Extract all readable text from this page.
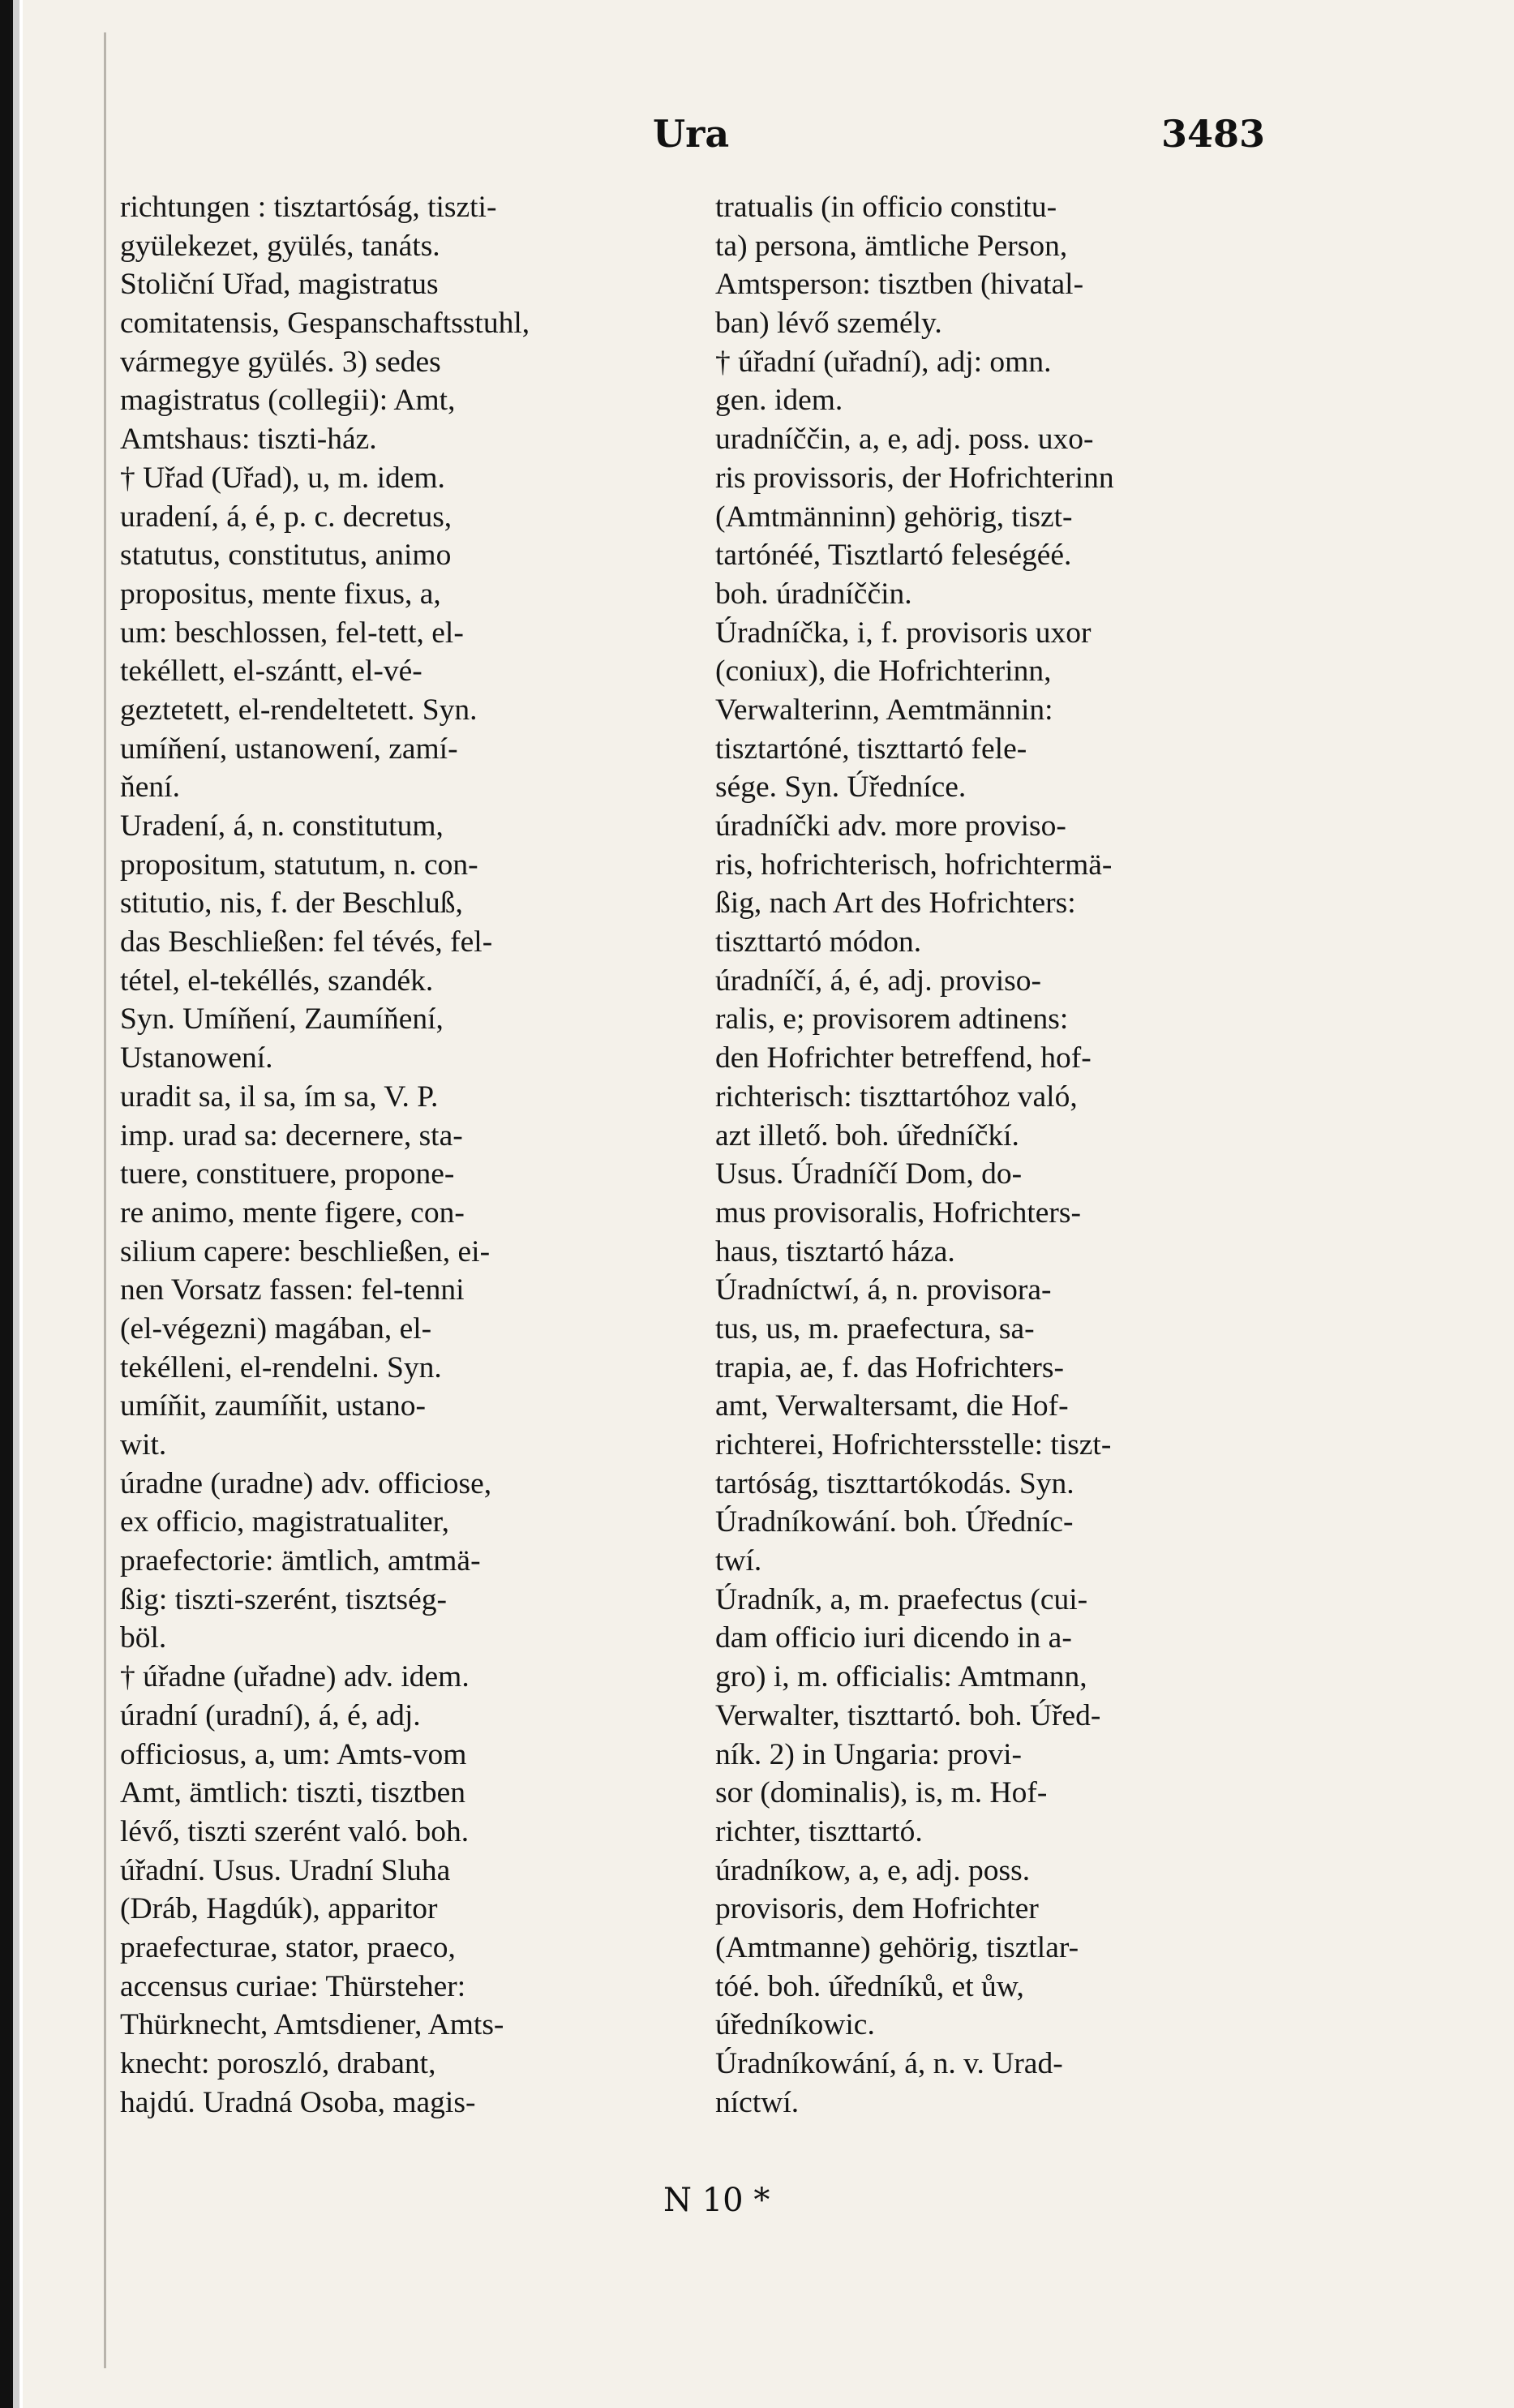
Ura	3483
richtungen : tisztartóság, tiszti-
gyülekezet, gyülés, tanáts.
Stoliční Uřad, magistratus
comitatensis, Gespanschaftsstuhl,
vármegye gyülés. 3) sedes
magistratus (collegii): Amt,
Amtshaus: tiszti-ház.
† Uřad (Uřad), u, m. idem.
uradení, á, é, p. c. decretus,
statutus, constitutus, animo
propositus, mente fixus, a,
um: beschlossen, fel-tett, el-
tekéllett, el-szántt, el-vé-
geztetett, el-rendeltetett. Syn.
umíňení, ustanowení, zamí-
ňení.
Uradení, á, n. constitutum,
propositum, statutum, n. con-
stitutio, nis, f. der Beschluß,
das Beschließen: fel tévés, fel-
tétel, el-tekéllés, szandék.
Syn. Umíňení, Zaumíňení,
Ustanowení.
uradit sa, il sa, ím sa, V. P.
imp. urad sa: decernere, sta-
tuere, constituere, propone-
re animo, mente figere, con-
silium capere: beschließen, ei-
nen Vorsatz fassen: fel-tenni
(el-végezni) magában, el-
tekélleni, el-rendelni. Syn.
umíňit, zaumíňit, ustano-
wit.
úradne (uradne) adv. officiose,
ex officio, magistratualiter,
praefectorie: ämtlich, amtmä-
ßig: tiszti-szerént, tisztség-
böl.
† úřadne (uřadne) adv. idem.
úradní (uradní), á, é, adj.
officiosus, a, um: Amts-vom
Amt, ämtlich: tiszti, tisztben
lévő, tiszti szerént való. boh.
úřadní. Usus. Uradní Sluha
(Dráb, Hagdúk), apparitor
praefecturae, stator, praeco,
accensus curiae: Thürsteher:
Thürknecht, Amtsdiener, Amts-
knecht: poroszló, drabant,
hajdú. Uradná Osoba, magis-
tratualis (in officio constitu-
ta) persona, ämtliche Person,
Amtsperson: tisztben (hivatal-
ban) lévő személy.
† úřadní (uřadní), adj: omn.
gen. idem.
uradníččin, a, e, adj. poss. uxo-
ris provissoris, der Hofrichterinn
(Amtmänninn) gehörig, tiszt-
tartónéé, Tisztlartó feleségéé.
boh. úradníččin.
Úradníčka, i, f. provisoris uxor
(coniux), die Hofrichterinn,
Verwalterinn, Aemtmännin:
tisztartóné, tiszttartó fele-
sége. Syn. Úředníce.
úradníčki adv. more proviso-
ris, hofrichterisch, hofrichtermä-
ßig, nach Art des Hofrichters:
tiszttartó módon.
úradníčí, á, é, adj. proviso-
ralis, e; provisorem adtinens:
den Hofrichter betreffend, hof-
richterisch: tiszttartóhoz való,
azt illető. boh. úředníčkí.
Usus. Úradníčí Dom, do-
mus provisoralis, Hofrichters-
haus, tisztartó háza.
Úradníctwí, á, n. provisora-
tus, us, m. praefectura, sa-
trapia, ae, f. das Hofrichters-
amt, Verwaltersamt, die Hof-
richterei, Hofrichtersstelle: tiszt-
tartóság, tiszttartókodás. Syn.
Úradníkowání. boh. Úředníc-
twí.
Úradník, a, m. praefectus (cui-
dam officio iuri dicendo in a-
gro) i, m. officialis: Amtmann,
Verwalter, tiszttartó. boh. Úřed-
ník. 2) in Ungaria: provi-
sor (dominalis), is, m. Hof-
richter, tiszttartó.
úradníkow, a, e, adj. poss.
provisoris, dem Hofrichter
(Amtmanne) gehörig, tisztlar-
tóé. boh. úředníků, et ůw,
úředníkowic.
Úradníkowání, á, n. v. Urad-
níctwí.
N 10 *
